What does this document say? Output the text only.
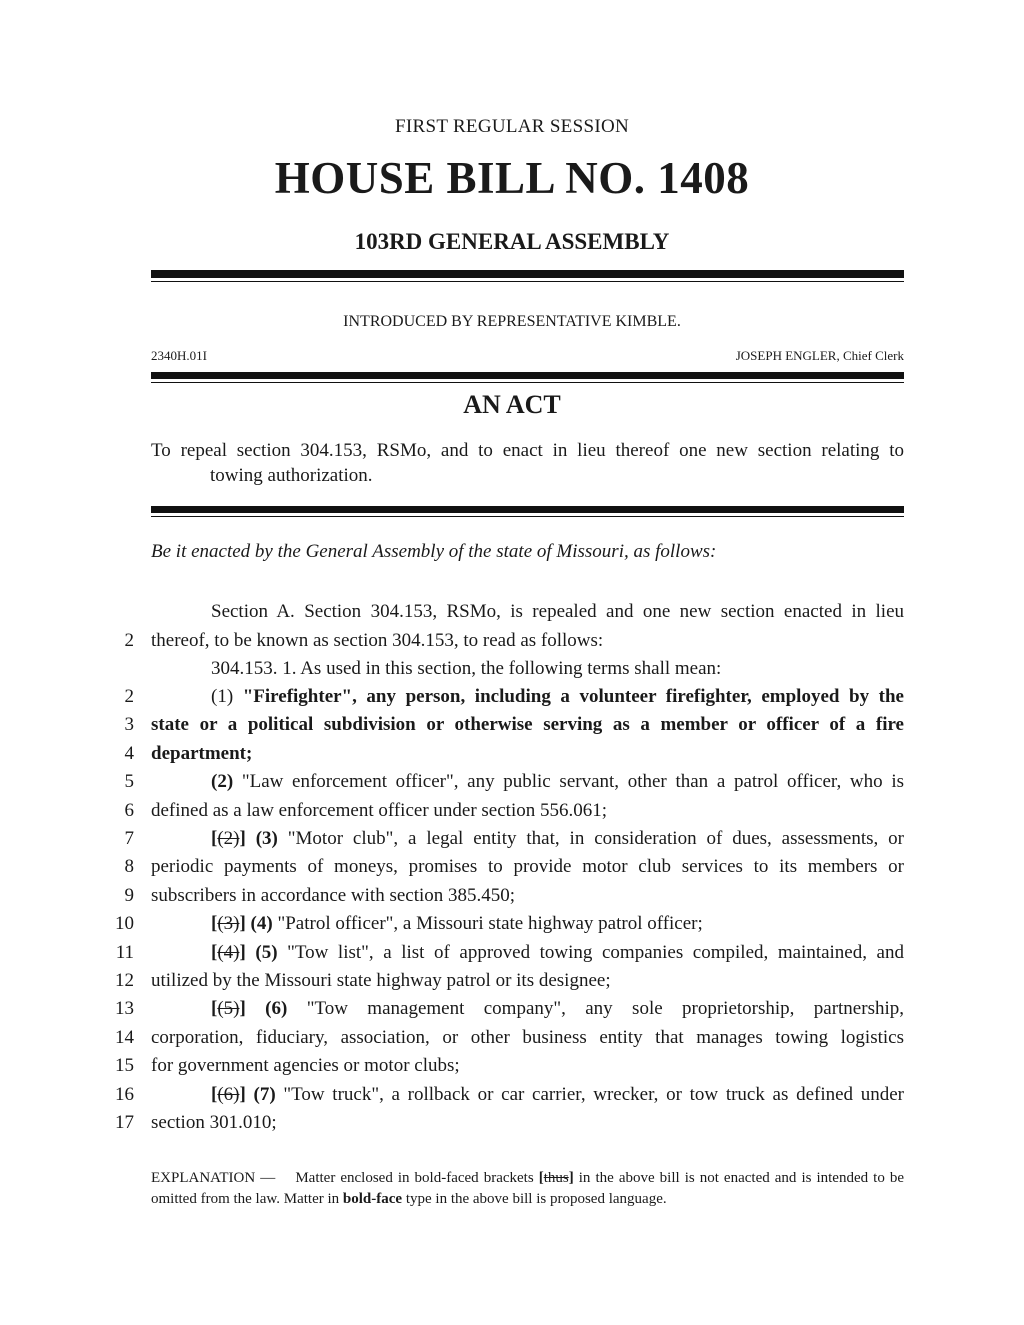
FIRST REGULAR SESSION
HOUSE BILL NO. 1408
103RD GENERAL ASSEMBLY
INTRODUCED BY REPRESENTATIVE KIMBLE.
2340H.01I	JOSEPH ENGLER, Chief Clerk
AN ACT
To repeal section 304.153, RSMo, and to enact in lieu thereof one new section relating to
towing authorization.
Be it enacted by the General Assembly of the state of Missouri, as follows:
Section A. Section 304.153, RSMo, is repealed and one new section enacted in lieu
2 thereof, to be known as section 304.153, to read as follows:
304.153. 1. As used in this section, the following terms shall mean:
2	(1) "Firefighter", any person, including a volunteer firefighter, employed by the
3 state or a political subdivision or otherwise serving as a member or officer of a fire
4 department;
5	(2) "Law enforcement officer", any public servant, other than a patrol officer, who is
6 defined as a law enforcement officer under section 556.061;
7	[(2)] (3) "Motor club", a legal entity that, in consideration of dues, assessments, or
8 periodic payments of moneys, promises to provide motor club services to its members or
9 subscribers in accordance with section 385.450;
10	[(3)] (4) "Patrol officer", a Missouri state highway patrol officer;
11	[(4)] (5) "Tow list", a list of approved towing companies compiled, maintained, and
12 utilized by the Missouri state highway patrol or its designee;
13	[(5)] (6) "Tow management company", any sole proprietorship, partnership,
14 corporation, fiduciary, association, or other business entity that manages towing logistics
15 for government agencies or motor clubs;
16	[(6)] (7) "Tow truck", a rollback or car carrier, wrecker, or tow truck as defined under
17 section 301.010;
EXPLANATION — Matter enclosed in bold-faced brackets [thus] in the above bill is not enacted and is intended to be omitted from the law. Matter in bold-face type in the above bill is proposed language.
